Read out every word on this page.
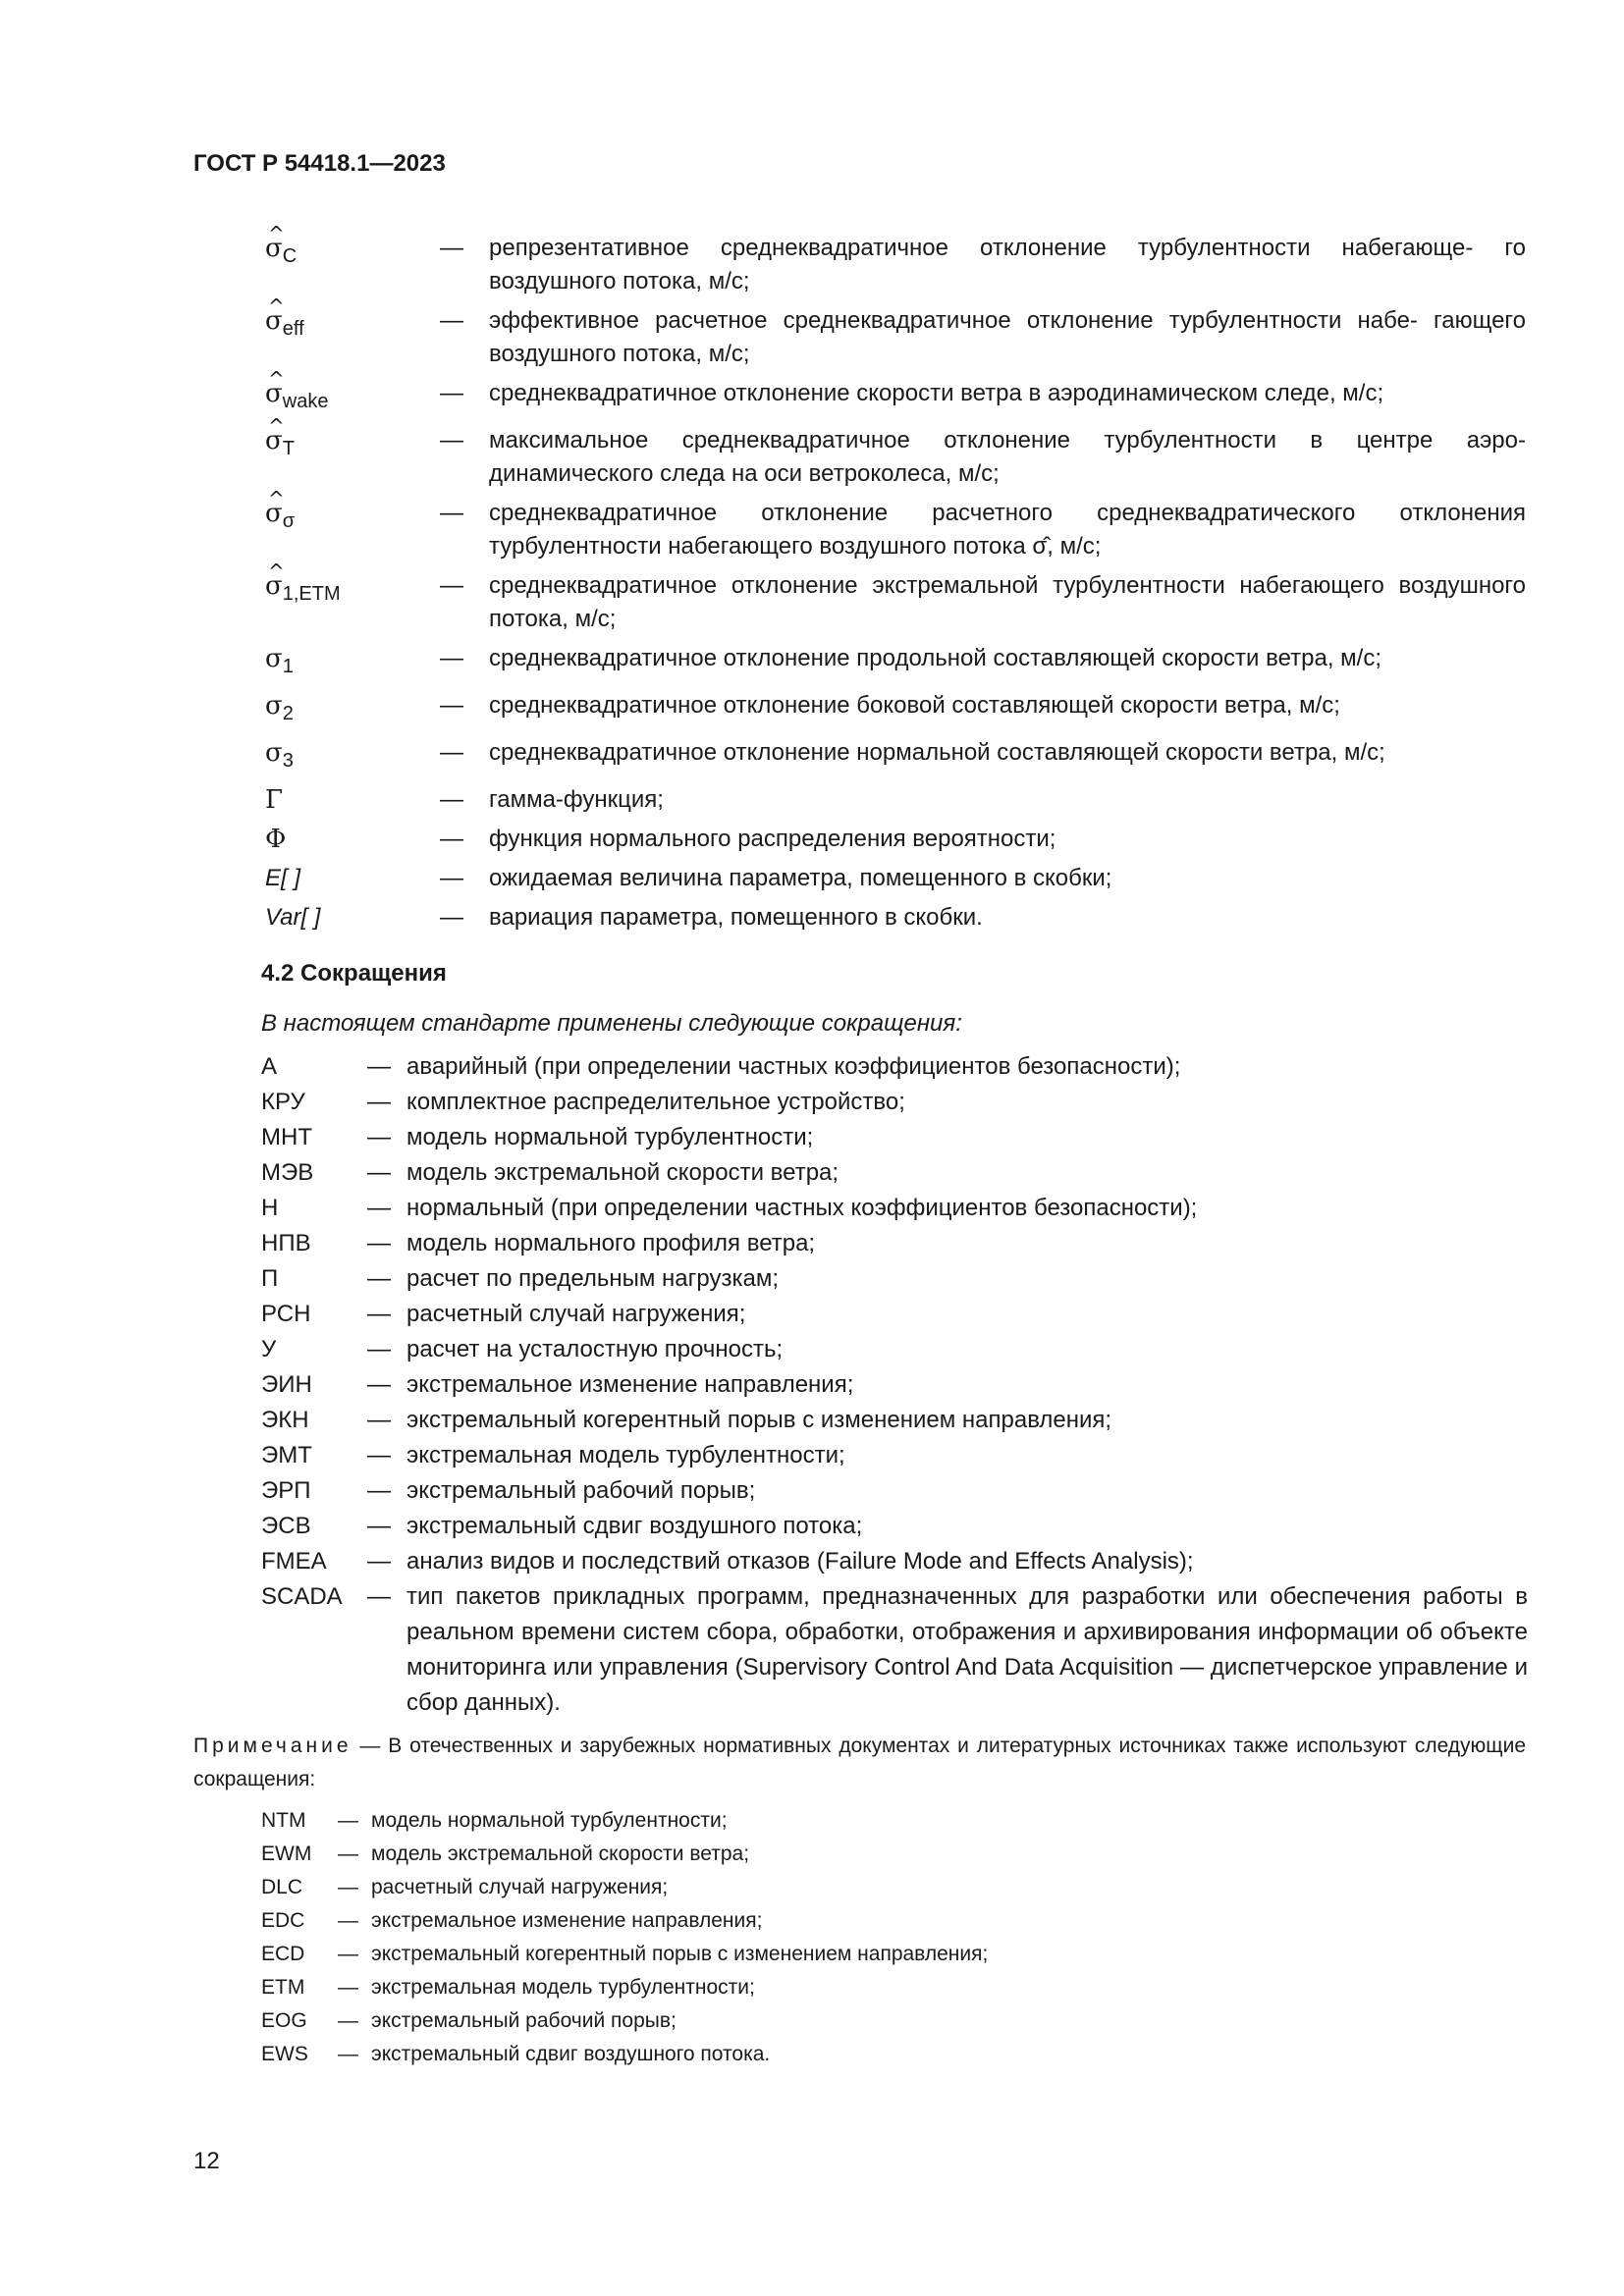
ГОСТ Р 54418.1—2023
^ $\sigma_C$	—	репрезентативное среднеквадратичное отклонение турбулентности набегающе- го воздушного потока, м/с;
^ $\sigma_{eff}$	—	эффективное расчетное среднеквадратичное отклонение турбулентности набе- гающего воздушного потока, м/с;
^ $\sigma_{wake}$	—	среднеквадратичное отклонение скорости ветра в аэродинамическом следе, м/с;
^ $\sigma_T$	—	максимальное среднеквадратичное отклонение турбулентности в центре аэро- динамического следа на оси ветроколеса, м/с;
^ $\sigma_\sigma$	—	среднеквадратичное отклонение расчетного среднеквадратического отклонения турбулентности набегающего воздушного потока σ̂, м/с;
^ $\sigma_{1,ETM}$	—	среднеквадратичное отклонение экстремальной турбулентности набегающего воздушного потока, м/с;
$\sigma_1$	—	среднеквадратичное отклонение продольной составляющей скорости ветра, м/с;
$\sigma_2$	—	среднеквадратичное отклонение боковой составляющей скорости ветра, м/с;
$\sigma_3$	—	среднеквадратичное отклонение нормальной составляющей скорости ветра, м/с;
Γ	—	гамма-функция;
Φ	—	функция нормального распределения вероятности;
E[ ]	—	ожидаемая величина параметра, помещенного в скобки;
Var[ ]	—	вариация параметра, помещенного в скобки.
4.2 Сокращения
В настоящем стандарте применены следующие сокращения:
А	— аварийный (при определении частных коэффициентов безопасности);
КРУ	— комплектное распределительное устройство;
МНТ	— модель нормальной турбулентности;
МЭВ	— модель экстремальной скорости ветра;
Н	— нормальный (при определении частных коэффициентов безопасности);
НПВ	— модель нормального профиля ветра;
П	— расчет по предельным нагрузкам;
РСН	— расчетный случай нагружения;
У	— расчет на усталостную прочность;
ЭИН	— экстремальное изменение направления;
ЭКН	— экстремальный когерентный порыв с изменением направления;
ЭМТ	— экстремальная модель турбулентности;
ЭРП	— экстремальный рабочий порыв;
ЭСВ	— экстремальный сдвиг воздушного потока;
FMEA	— анализ видов и последствий отказов (Failure Mode and Effects Analysis);
SCADA	— тип пакетов прикладных программ, предназначенных для разработки или обеспечения работы в реальном времени систем сбора, обработки, отображения и архивирования информации об объекте мониторинга или управления (Supervisory Control And Data Acquisition — диспетчерское управление и сбор данных).
Примечание — В отечественных и зарубежных нормативных документах и литературных источниках также используют следующие сокращения:
NTM	— модель нормальной турбулентности;
EWM	— модель экстремальной скорости ветра;
DLC	— расчетный случай нагружения;
EDC	— экстремальное изменение направления;
ECD	— экстремальный когерентный порыв с изменением направления;
ETM	— экстремальная модель турбулентности;
EOG	— экстремальный рабочий порыв;
EWS	— экстремальный сдвиг воздушного потока.
12
